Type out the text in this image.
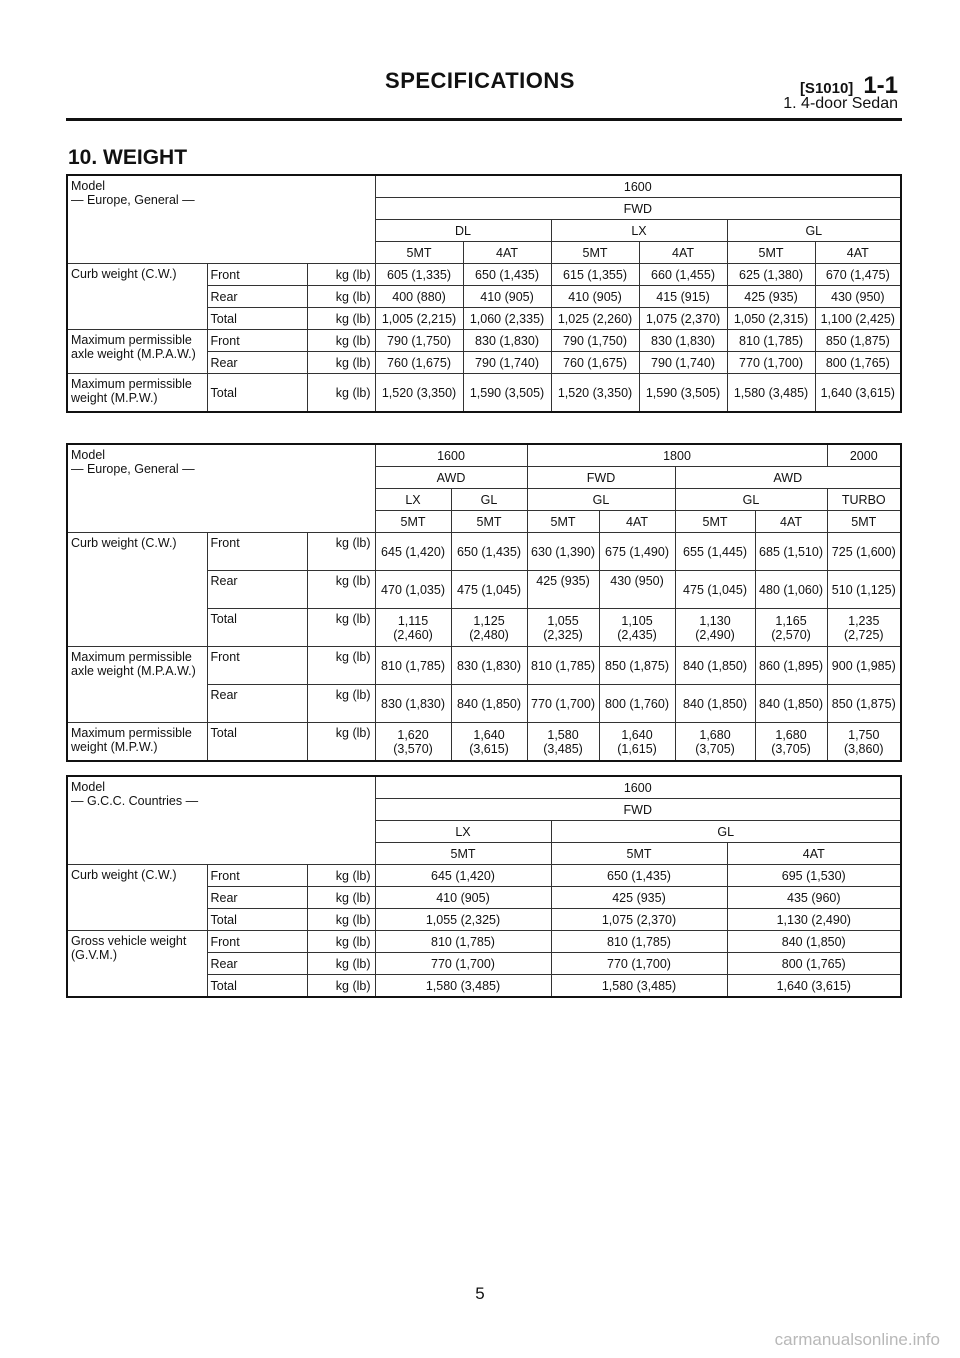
SPECIFICATIONS	[S1010] 1-1
1. 4-door Sedan
10. WEIGHT
Model
— Europe, General —			1600					
			FWD					
			DL		LX		GL	
			5MT	4AT	5MT	4AT	5MT	4AT
Curb weight (C.W.)	Front	kg (lb)	605 (1,335)	650 (1,435)	615 (1,355)	660 (1,455)	625 (1,380)	670 (1,475)
	Rear	kg (lb)	400 (880)	410 (905)	410 (905)	415 (915)	425 (935)	430 (950)
	Total	kg (lb)	1,005 (2,215)	1,060 (2,335)	1,025 (2,260)	1,075 (2,370)	1,050 (2,315)	1,100 (2,425)
Maximum permissible axle weight (M.P.A.W.)	Front	kg (lb)	790 (1,750)	830 (1,830)	790 (1,750)	830 (1,830)	810 (1,785)	850 (1,875)
	Rear	kg (lb)	760 (1,675)	790 (1,740)	760 (1,675)	790 (1,740)	770 (1,700)	800 (1,765)
Maximum permissible weight (M.P.W.)	Total	kg (lb)	1,520 (3,350)	1,590 (3,505)	1,520 (3,350)	1,590 (3,505)	1,580 (3,485)	1,640 (3,615)
Model
— Europe, General —			1600		1800				2000
			AWD		FWD		AWD		
			LX	GL	GL		GL		TURBO
			5MT	5MT	5MT	4AT	5MT	4AT	5MT
Curb weight (C.W.)	Front	kg (lb)	645 (1,420)	650 (1,435)	630 (1,390)	675 (1,490)	655 (1,445)	685 (1,510)	725 (1,600)
	Rear	kg (lb)	470 (1,035)	475 (1,045)	425 (935)	430 (950)	475 (1,045)	480 (1,060)	510 (1,125)
	Total	kg (lb)	1,115 (2,460)	1,125 (2,480)	1,055 (2,325)	1,105 (2,435)	1,130 (2,490)	1,165 (2,570)	1,235 (2,725)
Maximum permissible axle weight (M.P.A.W.)	Front	kg (lb)	810 (1,785)	830 (1,830)	810 (1,785)	850 (1,875)	840 (1,850)	860 (1,895)	900 (1,985)
	Rear	kg (lb)	830 (1,830)	840 (1,850)	770 (1,700)	800 (1,760)	840 (1,850)	840 (1,850)	850 (1,875)
Maximum permissible weight (M.P.W.)	Total	kg (lb)	1,620 (3,570)	1,640 (3,615)	1,580 (3,485)	1,640 (1,615)	1,680 (3,705)	1,680 (3,705)	1,750 (3,860)
Model
— G.C.C. Countries —			1600		
			FWD		
			LX	GL	
			5MT	5MT	4AT
Curb weight (C.W.)	Front	kg (lb)	645 (1,420)	650 (1,435)	695 (1,530)
	Rear	kg (lb)	410 (905)	425 (935)	435 (960)
	Total	kg (lb)	1,055 (2,325)	1,075 (2,370)	1,130 (2,490)
Gross vehicle weight (G.V.M.)	Front	kg (lb)	810 (1,785)	810 (1,785)	840 (1,850)
	Rear	kg (lb)	770 (1,700)	770 (1,700)	800 (1,765)
	Total	kg (lb)	1,580 (3,485)	1,580 (3,485)	1,640 (3,615)
5
carmanualsonline.info
